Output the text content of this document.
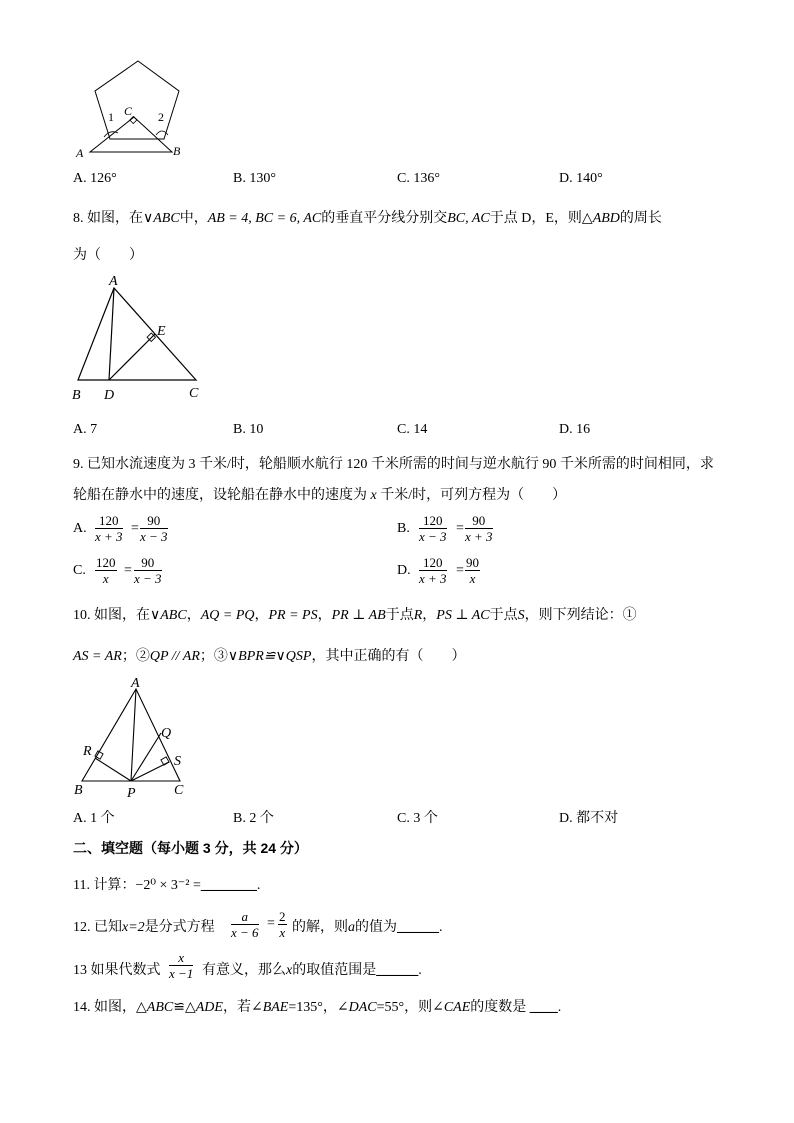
1 C 2
A	B
A. 126°	B. 130°	C. 136°	D. 140°
8. 如图，在∨ABC中，AB = 4, BC = 6, AC的垂直平分线分别交BC, AC于点 D，E，则△ABD的周长
为（　　）
A
E
B D	C
A. 7	B. 10	C. 14	D. 16
9. 已知水流速度为 3 千米/时，轮船顺水航行 120 千米所需的时间与逆水航行 90 千米所需的时间相同，求
轮船在静水中的速度，设轮船在静水中的速度为 x 千米/时，可列方程为（　　）
A. $\frac{120}{x + 3} = \frac{90}{x - 3}$	B. $\frac{120}{x - 3} = \frac{90}{x + 3}$
C. $\frac{120}{x} = \frac{90}{x - 3}$	D. $\frac{120}{x + 3} = \frac{90}{x}$
10. 如图，在∨ABC，AQ = PQ，PR = PS，PR ⊥ AB于点R，PS ⊥ AC于点S，则下列结论：①
AS = AR；②QP // AR；③∨BPR≌∨QSP，其中正确的有（　　）
A
Q
R
S
B	P	C
A. 1 个	B. 2 个	C. 3 个	D. 都不对
二、填空题（每小题 3 分，共 24 分）
11. 计算：−2⁰ × 3⁻² =________.
12. 已知x=2是分式方程 $\frac{a}{x - 6} = \frac{2}{x}$ 的解，则a的值为______.
13 如果代数式 $\frac{x}{x -1}$ 有意义，那么x的取值范围是______.
14. 如图，△ABC≌△ADE，若∠BAE=135°，∠DAC=55°，则∠CAE的度数是 ____.
